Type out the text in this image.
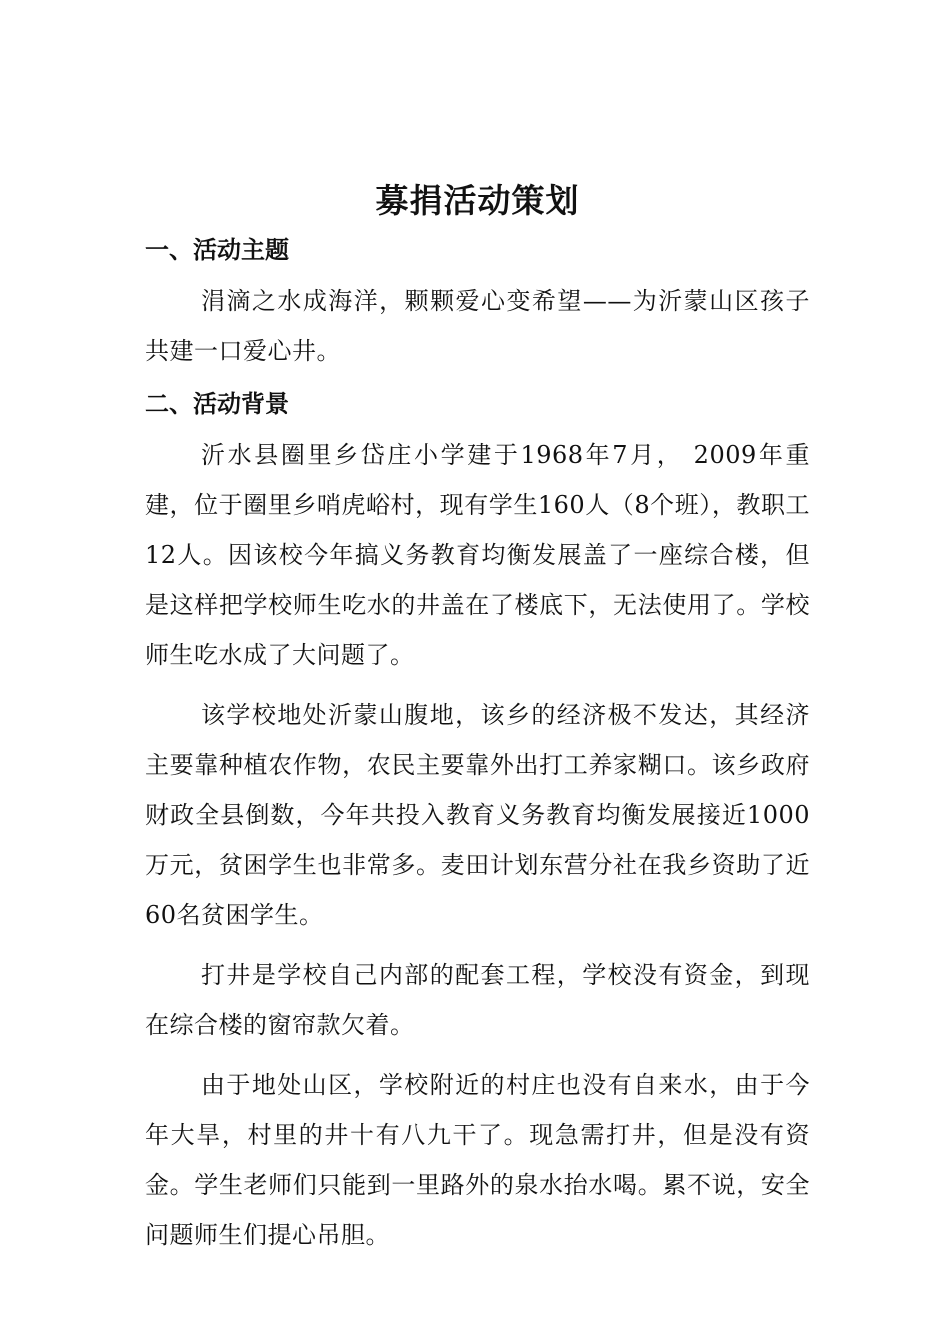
募捐活动策划
一、活动主题

涓滴之水成海洋，颗颗爱心变希望——为沂蒙山区孩子共建一口爱心井。

二、活动背景

沂水县圈里乡岱庄小学建于1968年7月， 2009年重建，位于圈里乡哨虎峪村，现有学生160人（8个班），教职工12人。因该校今年搞义务教育均衡发展盖了一座综合楼，但是这样把学校师生吃水的井盖在了楼底下，无法使用了。学校师生吃水成了大问题了。

该学校地处沂蒙山腹地，该乡的经济极不发达，其经济主要靠种植农作物，农民主要靠外出打工养家糊口。该乡政府财政全县倒数，今年共投入教育义务教育均衡发展接近1000万元，贫困学生也非常多。麦田计划东营分社在我乡资助了近60名贫困学生。

打井是学校自己内部的配套工程，学校没有资金，到现在综合楼的窗帘款欠着。

由于地处山区，学校附近的村庄也没有自来水，由于今年大旱，村里的井十有八九干了。现急需打井，但是没有资金。学生老师们只能到一里路外的泉水抬水喝。累不说，安全问题师生们提心吊胆。
